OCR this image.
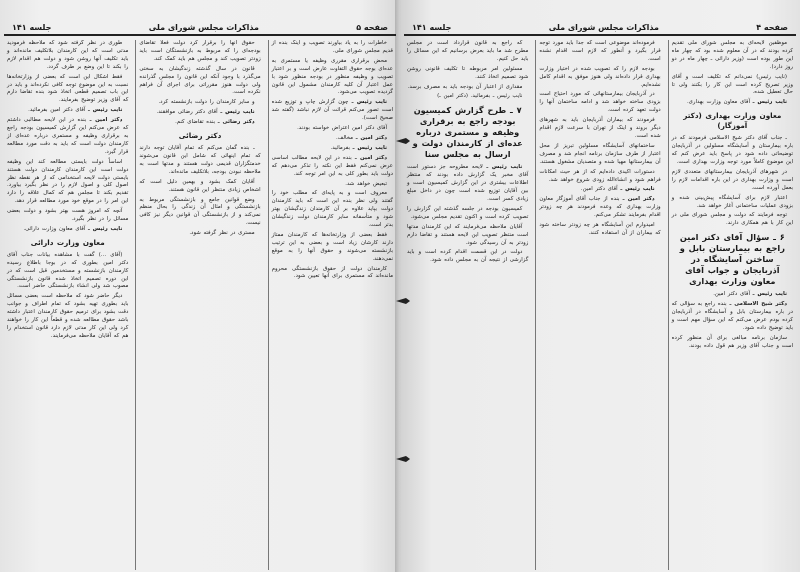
صفحه ۵
مذاکرات مجلس شورای ملی
جلسه ۱۴۱

خاطرات را به یاد بیاورند تصویب و اینک بنده از قدیم مجلس شورای ملی.

محض برقراری مقرری وظیفه یا مستمری به عده‌ای بوجه حقوق التفاوت عارض است و بر اعتبار تصویب و وظیفه منظور در بودجه منظور شود با عمل اعتبار آن کلیه کارمندان مشمول این قانون گردیده تصویب می‌شود.

نایب رئیس ـ چون گزارش چاپ و توزیع شده است تصور می‌کنم قرائت آن لازم نباشد (گفته شد صحیح است).

آقای دکتر امین اعتراض خواسته بودند.

دکتر امین ـ مخالف.

نایب رئیس ـ بفرمائید.

دکتر امین ـ بنده در این لایحه مطالب اساسی عرض نمی‌کنم فقط این نکته را تذکر می‌دهم که دولت باید بطور کلی به این امر توجه کند.

تبعیض خواهد شد.

معروف است و به پایه‌ای که مطلب خود را گفتند ولی نظر بنده این است که باید کارمندان دولت بپاید علاوه بر آن کارمندان زندگیشان بهتر شود و متأسفانه سایر کارمندان دولت زندگیشان بدتر است.

فقط بعضی از وزارتخانه‌ها که کارمندان ممتاز دارند کارشان زیاد است و بعضی به این ترتیب بازنشسته می‌شوند و حقوق آنها را به موقع نمی‌دهند.

کارمندان دولت از حقوق بازنشستگی محروم مانده‌اند که مستمری برای آنها تعیین شود.

حقوق آنها را برقرار کرد دولت فعلاً تقاضای بودجه‌ای را که مربوط به بازنشستگان است باید زودتر تصویب کند و مجلس هم باید کمک کند.

قانون در سال گذشته زندگیشان به سختی می‌گذرد با وجود آنکه این قانون را مجلس گذرانده ولی دولت هنوز مقرراتی برای اجرای آن فراهم نکرده است.

و سایر کارمندان را دولت بازنشسته کرد.

نایب رئیس ـ آقای دکتر رضائی موافقند.

دکتر رضائی ـ بنده تقاضای کنم.

دکتر رضائی

ـ بنده گمان می‌کنم که تمام آقایان توجه دارند که تمام اینهائی که شامل این قانون می‌شوند خدمتگزاران قدیمی دولت هستند و مدتها است به ملاحظه نبودن بودجه، بلاتکلیف مانده‌اند.

آقایان کمک بشود و بهمین دلیل است که اشخاص زیادی منتظر این قانون هستند.

وضع قوانین جامع و بازنشستگی مربوط به بازنشستگی و امثال آن زندگی را بحال منظم نمی‌کند و از بازنشستگی آن قوانین دیگر نیز کافی نیست.

مستری در نظر گرفته شود.

طوری در نظر گرفته شود که ملاحظه فرمودید مدتی است که این کارمندان بلاتکلیف مانده‌اند و باید تکلیف آنها روشن شود و دولت هم اقدام لازم را بکند تا این وضع بر طرف گردد.

فقط اشکال این است که بعضی از وزارتخانه‌ها نسبت به این موضوع توجه کافی نکرده‌اند و باید در این باب تصمیم قطعی اتخاذ شود بنده تقاضا دارم که آقای وزیر توضیح بفرمایند.

نایب رئیس ـ آقای دکتر امین بفرمائید.

دکتر امین ـ بنده در این لایحه مطالبی داشتم که عرض می‌کنم این گزارش کمیسیون بودجه راجع به برقراری وظیفه و مستمری درباره عده‌ای از کارمندان دولت است که باید به دقت مورد مطالعه قرار گیرد.

اساساً دولت بایستی مطالعه کند این وظیفه دولت است این کارمندان کارمندان دولت هستند بایستی دولت لایحه استخدامی که از هر نقطه نظر اصول کلی و اصول لازم را در نظر بگیرد بیاورد. تقدیم بکند تا مجلس هم که کمال علاقه را دارد این امر را در موقع خود مورد مطالعه قرار دهد.

آنچه که امروز هست بهتر بشود و دولت بعضی مسائل را در نظر بگیرد.

نایب رئیس ـ آقای معاون وزارت دارائی.

معاون وزارت دارائی

(آقای ...) گفت با مشاهده بیانات جناب آقای دکتر امین بطوری که در بوجا باطلاع رسیده کارمندان بازنشسته و مستخدمین قبل است که در این دوره تصمیم اتخاذ شده قانون بازنشستگی مصوب شد ولی انشاء بازنشستگی حاضر است.

دیگر حاضر شود که ملاحظه است بعضی مسائل باید بطوری تهیه بشود که تمام اطراف و جوانب دقت بشود برای ترمیم حقوق کارمندان اعتبار داشته باشد حقوق مطالعه شده و قطعاً این کار را خواهند کرد ولی این کار مدتی لازم دارد قانون استخدام را هم که آقایان ملاحظه می‌فرمایند.

صفحه ۴
مذاکرات مجلس شورای ملی
جلسه ۱۴۱

موظفین لایحه‌ای به مجلس شورای ملی تقدیم کرده بودند که در آن معلوم شده بود که چهار ماه این طور بوده است (وزیر دارائی ـ چهار ماه در دو روز دارد).

(نایب رئیس) نمی‌دانم که تکلیف است و آقای وزیر تصریح کرده است این کار را بکنند ولی تا حال تعطیل شده.

نایب رئیس ـ آقای معاون وزارت بهداری.

معاون وزارت بهداری (دکتر آموزگار)

ـ جناب آقای دکتر شیخ الاسلامی فرمودند که در باره بیمارستان و آسایشگاه مسلولین در آذربایجان توضیحاتی داده شود در پاسخ باید عرض کنم که این موضوع کاملاً مورد توجه وزارت بهداری است.

در شهرهای آذربایجان بیمارستانهای متعددی لازم است و وزارت بهداری در این باره اقدامات لازم را بعمل آورده است.

اعتبار لازم برای آسایشگاه پیش‌بینی شده و بزودی عملیات ساختمانی آغاز خواهد شد.

توجه فرمایند که دولت و مجلس شورای ملی در این کار با هم همکاری دارند.

۶ ـ سؤال آقای دکتر امین راجع به بیمارستان بابل و ساختن آسایشگاه در آذربایجان و جواب آقای معاون وزارت بهداری

نایب رئیس ـ آقای دکتر امین.

دکتر شیخ الاسلامی ـ بنده راجع به سؤالی که در باره بیمارستان بابل و آسایشگاه در آذربایجان کرده بودم عرض می‌کنم که این سؤال مهم است و باید توضیح داده شود.

سازمان برنامه مبالغی برای آن منظور کرده است و جناب آقای وزیر هم قول داده بودند.

فرموده‌اند موضوعی است که جداً باید مورد توجه قرار بگیرد و آنطور که لازم است اقدام نشده است.

بودجه لازم را که تصویب شده در اختیار وزارت بهداری قرار داده‌اند ولی هنوز موفق به اقدام کامل نشده‌ایم.

در آذربایجان بیمارستانهائی که مورد احتیاج است بزودی ساخته خواهد شد و ادامه ساختمان آنها را دولت تعهد کرده است.

فرمودند که بیماران آذربایجان باید به شهرهای دیگر بروند و اینک از تهران با سرعت لازم اقدام شده است.

ساختمانهای آسایشگاه مسلولین تبریز از محل اعتبار از طرف سازمان برنامه انجام شد و مصرف آن بیمارستانها مهیا شده و متصدیان مشغول هستند.

دستورات اکیدی داده‌ایم که از هر حیث امکانات فراهم شود و انشاءالله زودی شروع خواهد شد.

نایب رئیس ـ آقای دکتر امین.

دکتر امین ـ بنده از جناب آقای آموزگار معاون وزارت بهداری که وعده فرمودند هر چه زودتر اقدام بفرمایند تشکر می‌کنم.

امیدوارم این آسایشگاه هر چه زودتر ساخته شود که بیماران از آن استفاده کنند.

که راجع به قانون قرارداد است در مجلس مطرح شد ما باید بعرض برسانیم که این مسائل را باید حل کنیم.

مسئولین امر مربوطه تا تکلیف قانونی روشن شود تصمیم اتخاذ کنند.

مقداری از اعتبار آن بودجه باید به مصرف برسد.

نایب رئیس ـ بفرمائید. (دکتر امین ـ)

۷ ـ طرح گزارش کمیسیون بودجه راجع به برقراری وظیفه و مستمری درباره عده‌ای از کارمندان دولت و ارسال به مجلس سنا

نایب رئیس ـ لایحه مطروحه جز دستور است آقای مخبر یک گزارش داده بودند که منتظر اطلاعات بیشتری در این گزارش کمیسیون است و بین آقایان توزیع شده است چون در داخل مبلغ زیادی کسر است.

کمیسیون بودجه در جلسه گذشته این گزارش را تصویب کرده است و اکنون تقدیم مجلس می‌شود.

آقایان ملاحظه می‌فرمایند که این کارمندان مدتها است منتظر تصویب این لایحه هستند و تقاضا دارم زودتر به آن رسیدگی شود.

دولت در این قسمت اقدام کرده است و باید گزارشی از نتیجه آن به مجلس داده شود.
